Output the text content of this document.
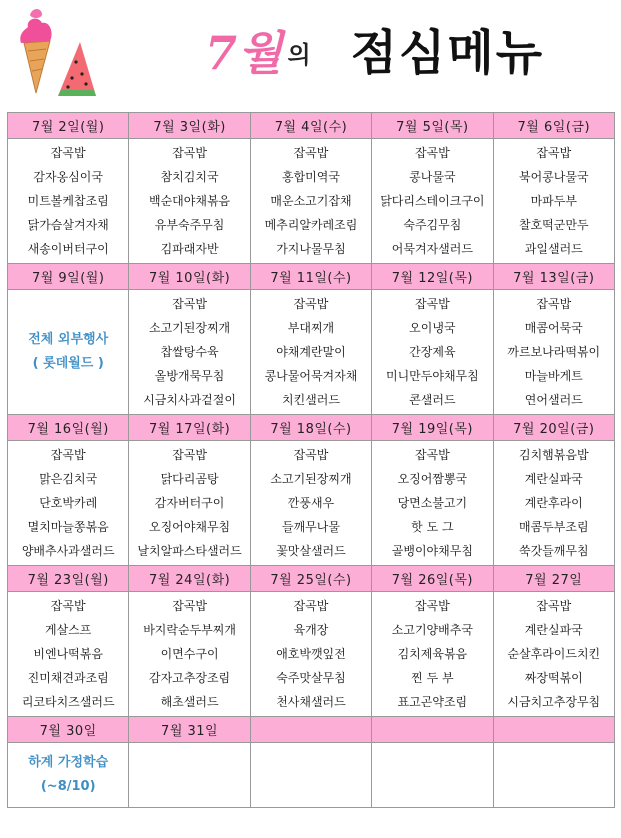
7월 의 점심메뉴
7월 2일(월)	7월 3일(화)	7월 4일(수)	7월 5일(목)	7월 6일(금)

잡곡밥
감자옹심이국
미트볼케찹조림
닭가슴살겨자채
새송이버터구이	잡곡밥
참치김치국
백순대야채볶음
유부숙주무침
김파래자반	잡곡밥
홍합미역국
매운소고기잡채
메추리알카레조림
가지나물무침	잡곡밥
콩나물국
닭다리스테이크구이
숙주김무침
어묵겨자샐러드	잡곡밥
북어콩나물국
마파두부
찰호떡군만두
과일샐러드

7월 9일(월)	7월 10일(화)	7월 11일(수)	7월 12일(목)	7월 13일(금)

전체 외부행사
( 롯데월드 )	잡곡밥
소고기된장찌개
찹쌀탕수육
올방개묵무침
시금치사과겉절이	잡곡밥
부대찌개
야채계란말이
콩나물어묵겨자채
치킨샐러드	잡곡밥
오이냉국
간장제육
미니만두야채무침
콘샐러드	잡곡밥
매콤어묵국
까르보나라떡볶이
마늘바게트
연어샐러드

7월 16일(월)	7월 17일(화)	7월 18일(수)	7월 19일(목)	7월 20일(금)

잡곡밥
맑은김치국
단호박카레
멸치마늘쫑볶음
양배추사과샐러드	잡곡밥
닭다리곰탕
감자버터구이
오징어야채무침
날치알파스타샐러드	잡곡밥
소고기된장찌개
깐풍새우
들깨무나물
꽃맛살샐러드	잡곡밥
오징어짬뽕국
당면소불고기
핫 도 그
골뱅이야채무침	김치햄볶음밥
계란실파국
계란후라이
매콤두부조림
쑥갓들깨무침

7월 23일(월)	7월 24일(화)	7월 25일(수)	7월 26일(목)	7월 27일

잡곡밥
게살스프
비엔나떡볶음
진미채견과조림
리코타치즈샐러드	잡곡밥
바지락순두부찌개
이면수구이
감자고추장조림
해초샐러드	잡곡밥
육개장
애호박깻잎전
숙주맛살무침
천사채샐러드	잡곡밥
소고기양배추국
김치제육볶음
찐 두 부
표고곤약조림	잡곡밥
계란실파국
순살후라이드치킨
짜장떡볶이
시금치고추장무침

7월 30일	7월 31일			

하계 가정학습
(~8/10)				
